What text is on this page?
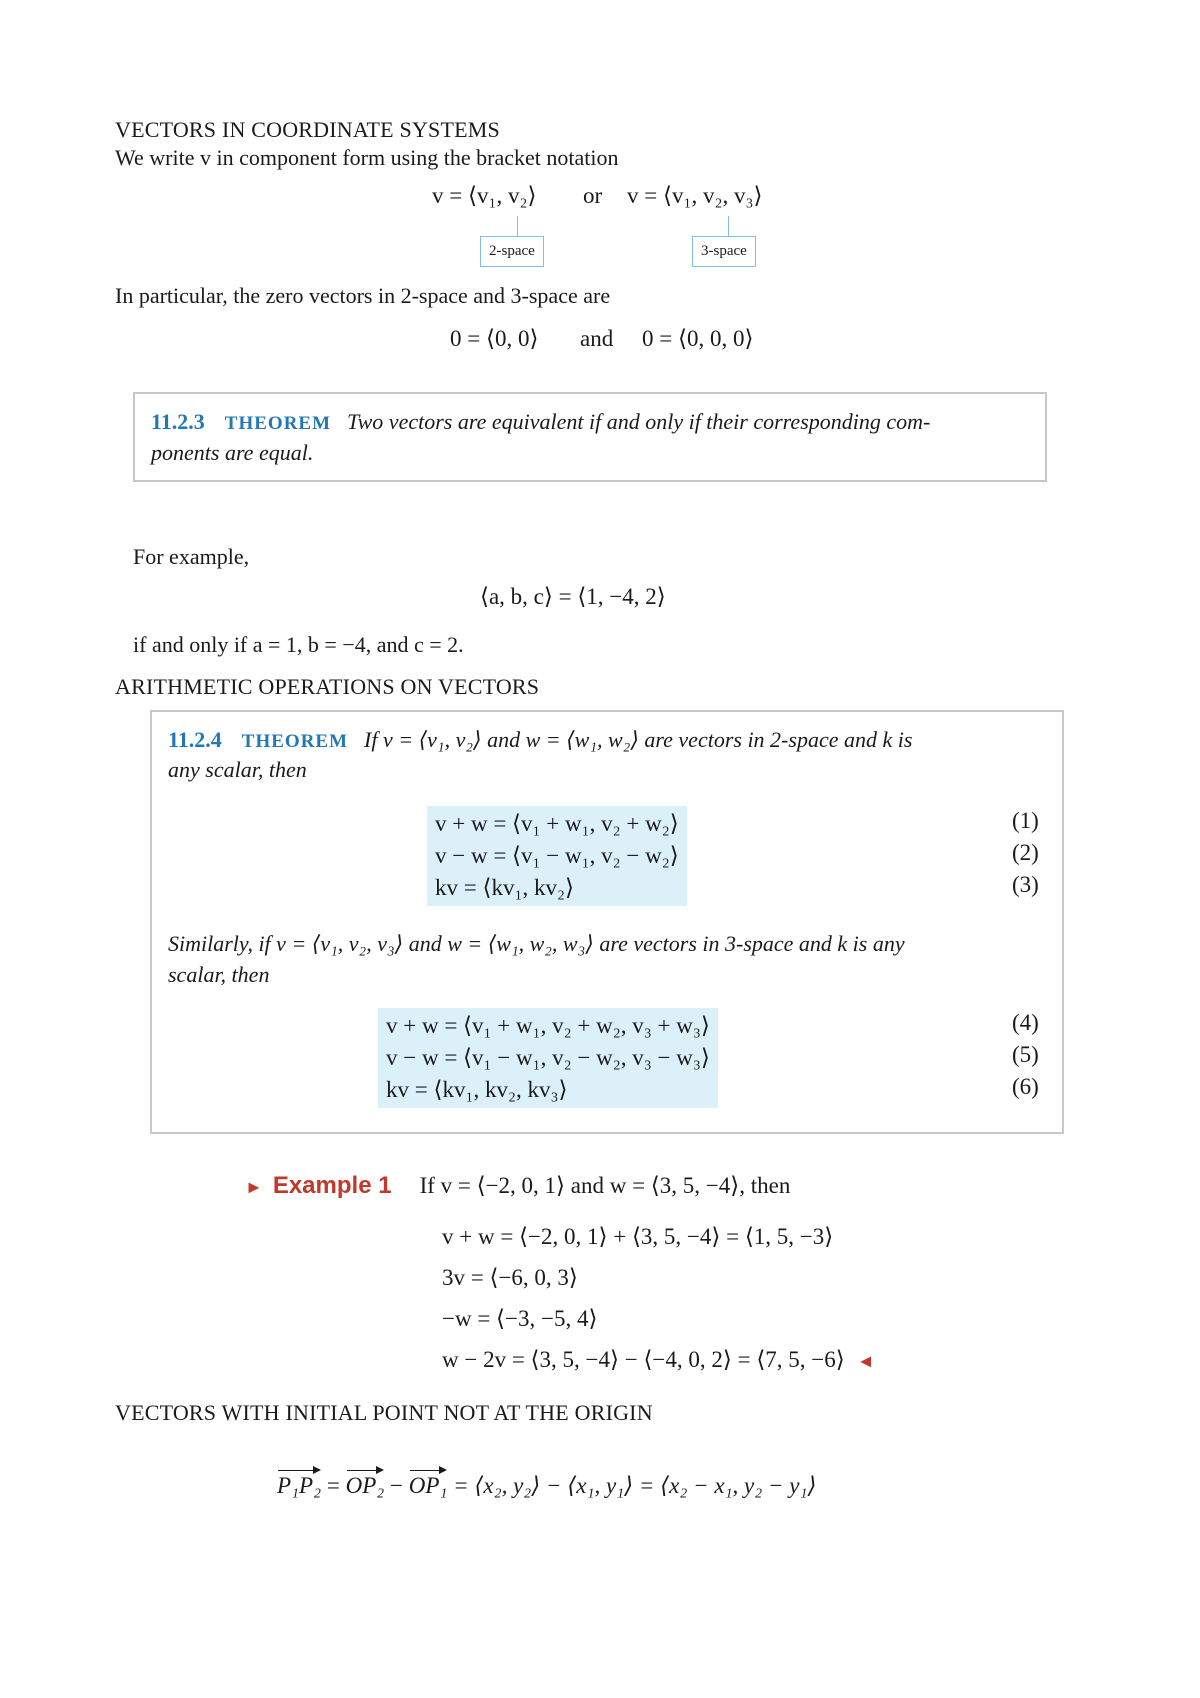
VECTORS IN COORDINATE SYSTEMS
We write v in component form using the bracket notation
v = ⟨v₁, v₂⟩ or v = ⟨v₁, v₂, v₃⟩
2-space	3-space
In particular, the zero vectors in 2-space and 3-space are
0 = ⟨0, 0⟩ and 0 = ⟨0, 0, 0⟩
11.2.3 THEOREM Two vectors are equivalent if and only if their corresponding com-
ponents are equal.
For example,
⟨a, b, c⟩ = ⟨1, −4, 2⟩
if and only if a = 1, b = −4, and c = 2.
ARITHMETIC OPERATIONS ON VECTORS
11.2.4 THEOREM If v = ⟨v₁, v₂⟩ and w = ⟨w₁, w₂⟩ are vectors in 2-space and k is
any scalar, then
v + w = ⟨v₁ + w₁, v₂ + w₂⟩
v − w = ⟨v₁ − w₁, v₂ − w₂⟩
kv = ⟨kv₁, kv₂⟩
(1)
(2)
(3)
Similarly, if v = ⟨v₁, v₂, v₃⟩ and w = ⟨w₁, w₂, w₃⟩ are vectors in 3-space and k is any
scalar, then
v + w = ⟨v₁ + w₁, v₂ + w₂, v₃ + w₃⟩
v − w = ⟨v₁ − w₁, v₂ − w₂, v₃ − w₃⟩
kv = ⟨kv₁, kv₂, kv₃⟩
(4)
(5)
(6)
► Example 1 If v = ⟨−2, 0, 1⟩ and w = ⟨3, 5, −4⟩, then
v + w = ⟨−2, 0, 1⟩ + ⟨3, 5, −4⟩ = ⟨1, 5, −3⟩
3v = ⟨−6, 0, 3⟩
−w = ⟨−3, −5, 4⟩
w − 2v = ⟨3, 5, −4⟩ − ⟨−4, 0, 2⟩ = ⟨7, 5, −6⟩ ◄
VECTORS WITH INITIAL POINT NOT AT THE ORIGIN
P₁P₂ = OP₂ − OP₁ = ⟨x₂, y₂⟩ − ⟨x₁, y₁⟩ = ⟨x₂ − x₁, y₂ − y₁⟩
